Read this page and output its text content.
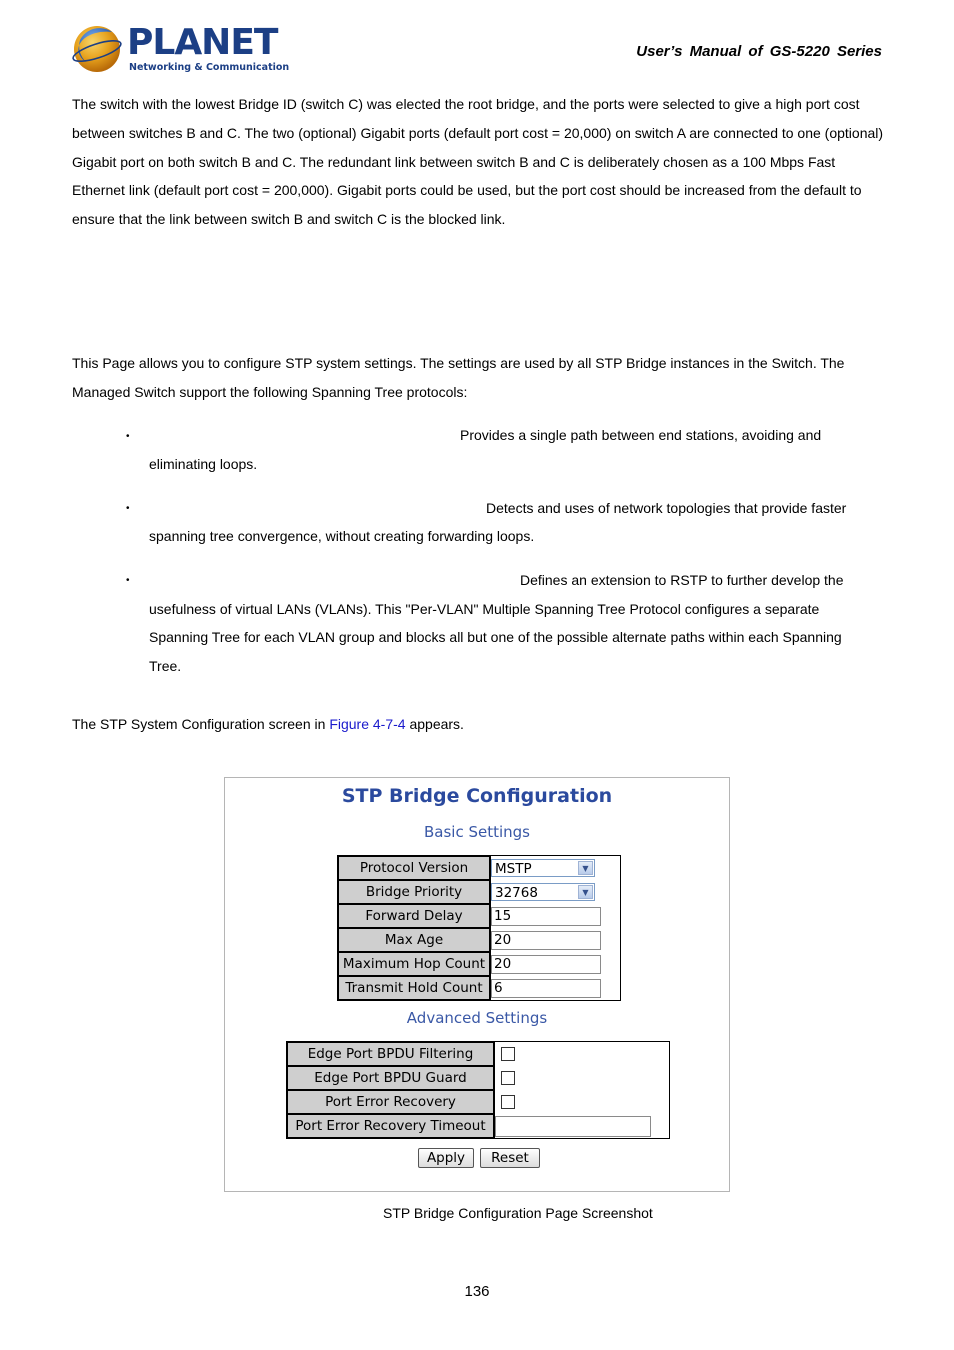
PLANET
Networking & Communication
User’s Manual of GS-5220 Series
The switch with the lowest Bridge ID (switch C) was elected the root bridge, and the ports were selected to give a high port cost between switches B and C. The two (optional) Gigabit ports (default port cost = 20,000) on switch A are connected to one (optional) Gigabit port on both switch B and C. The redundant link between switch B and C is deliberately chosen as a 100 Mbps Fast Ethernet link (default port cost = 200,000). Gigabit ports could be used, but the port cost should be increased from the default to ensure that the link between switch B and switch C is the blocked link.
This Page allows you to configure STP system settings. The settings are used by all STP Bridge instances in the Switch. The Managed Switch support the following Spanning Tree protocols:
•	Provides a single path between end stations, avoiding and
eliminating loops.
•	Detects and uses of network topologies that provide faster
spanning tree convergence, without creating forwarding loops.
•	Defines an extension to RSTP to further develop the
usefulness of virtual LANs (VLANs). This "Per-VLAN" Multiple Spanning Tree Protocol configures a separate
Spanning Tree for each VLAN group and blocks all but one of the possible alternate paths within each Spanning
Tree.
The STP System Configuration screen in Figure 4-7-4 appears.
STP Bridge Configuration
Basic Settings
Protocol Version	MSTP ▼

Bridge Priority	32768 ▼

Forward Delay	15

Max Age	20

Maximum Hop Count	20

Transmit Hold Count	6
Advanced Settings
Edge Port BPDU Filtering	

Edge Port BPDU Guard	

Port Error Recovery	

Port Error Recovery Timeout	
Apply	Reset
STP Bridge Configuration Page Screenshot
136
